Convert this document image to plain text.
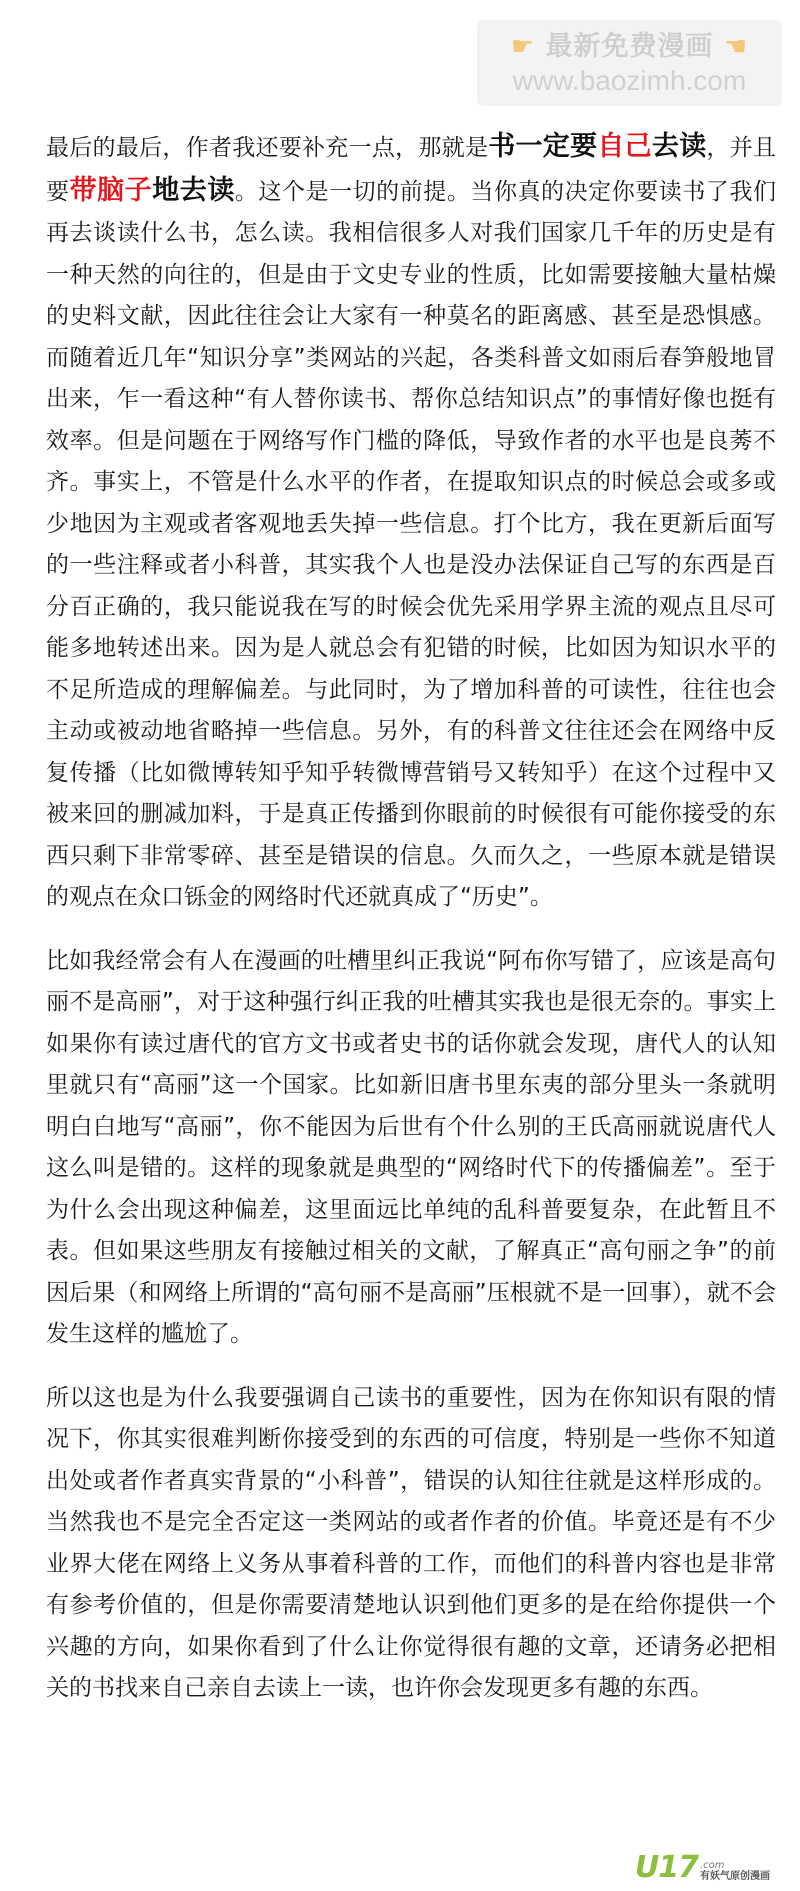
☛ 最新免费漫画 ☚
www.baozimh.com

最后的最后，作者我还要补充一点，那就是书一定要自己去读，并且要带脑子地去读。这个是一切的前提。当你真的决定你要读书了我们再去谈读什么书，怎么读。我相信很多人对我们国家几千年的历史是有一种天然的向往的，但是由于文史专业的性质，比如需要接触大量枯燥的史料文献，因此往往会让大家有一种莫名的距离感、甚至是恐惧感。而随着近几年“知识分享”类网站的兴起，各类科普文如雨后春笋般地冒出来，乍一看这种“有人替你读书、帮你总结知识点”的事情好像也挺有效率。但是问题在于网络写作门槛的降低，导致作者的水平也是良莠不齐。事实上，不管是什么水平的作者，在提取知识点的时候总会或多或少地因为主观或者客观地丢失掉一些信息。打个比方，我在更新后面写的一些注释或者小科普，其实我个人也是没办法保证自己写的东西是百分百正确的，我只能说我在写的时候会优先采用学界主流的观点且尽可能多地转述出来。因为是人就总会有犯错的时候，比如因为知识水平的不足所造成的理解偏差。与此同时，为了增加科普的可读性，往往也会主动或被动地省略掉一些信息。另外，有的科普文往往还会在网络中反复传播（比如微博转知乎知乎转微博营销号又转知乎）在这个过程中又被来回的删减加料，于是真正传播到你眼前的时候很有可能你接受的东西只剩下非常零碎、甚至是错误的信息。久而久之，一些原本就是错误的观点在众口铄金的网络时代还就真成了“历史”。

比如我经常会有人在漫画的吐槽里纠正我说“阿布你写错了，应该是高句丽不是高丽”，对于这种强行纠正我的吐槽其实我也是很无奈的。事实上如果你有读过唐代的官方文书或者史书的话你就会发现，唐代人的认知里就只有“高丽”这一个国家。比如新旧唐书里东夷的部分里头一条就明明白白地写“高丽”，你不能因为后世有个什么别的王氏高丽就说唐代人这么叫是错的。这样的现象就是典型的“网络时代下的传播偏差”。至于为什么会出现这种偏差，这里面远比单纯的乱科普要复杂，在此暂且不表。但如果这些朋友有接触过相关的文献，了解真正“高句丽之争”的前因后果（和网络上所谓的“高句丽不是高丽”压根就不是一回事），就不会发生这样的尴尬了。

所以这也是为什么我要强调自己读书的重要性，因为在你知识有限的情况下，你其实很难判断你接受到的东西的可信度，特别是一些你不知道出处或者作者真实背景的“小科普”，错误的认知往往就是这样形成的。当然我也不是完全否定这一类网站的或者作者的价值。毕竟还是有不少业界大佬在网络上义务从事着科普的工作，而他们的科普内容也是非常有参考价值的，但是你需要清楚地认识到他们更多的是在给你提供一个兴趣的方向，如果你看到了什么让你觉得很有趣的文章，还请务必把相关的书找来自己亲自去读上一读，也许你会发现更多有趣的东西。

U17 .com
有妖气原创漫画
